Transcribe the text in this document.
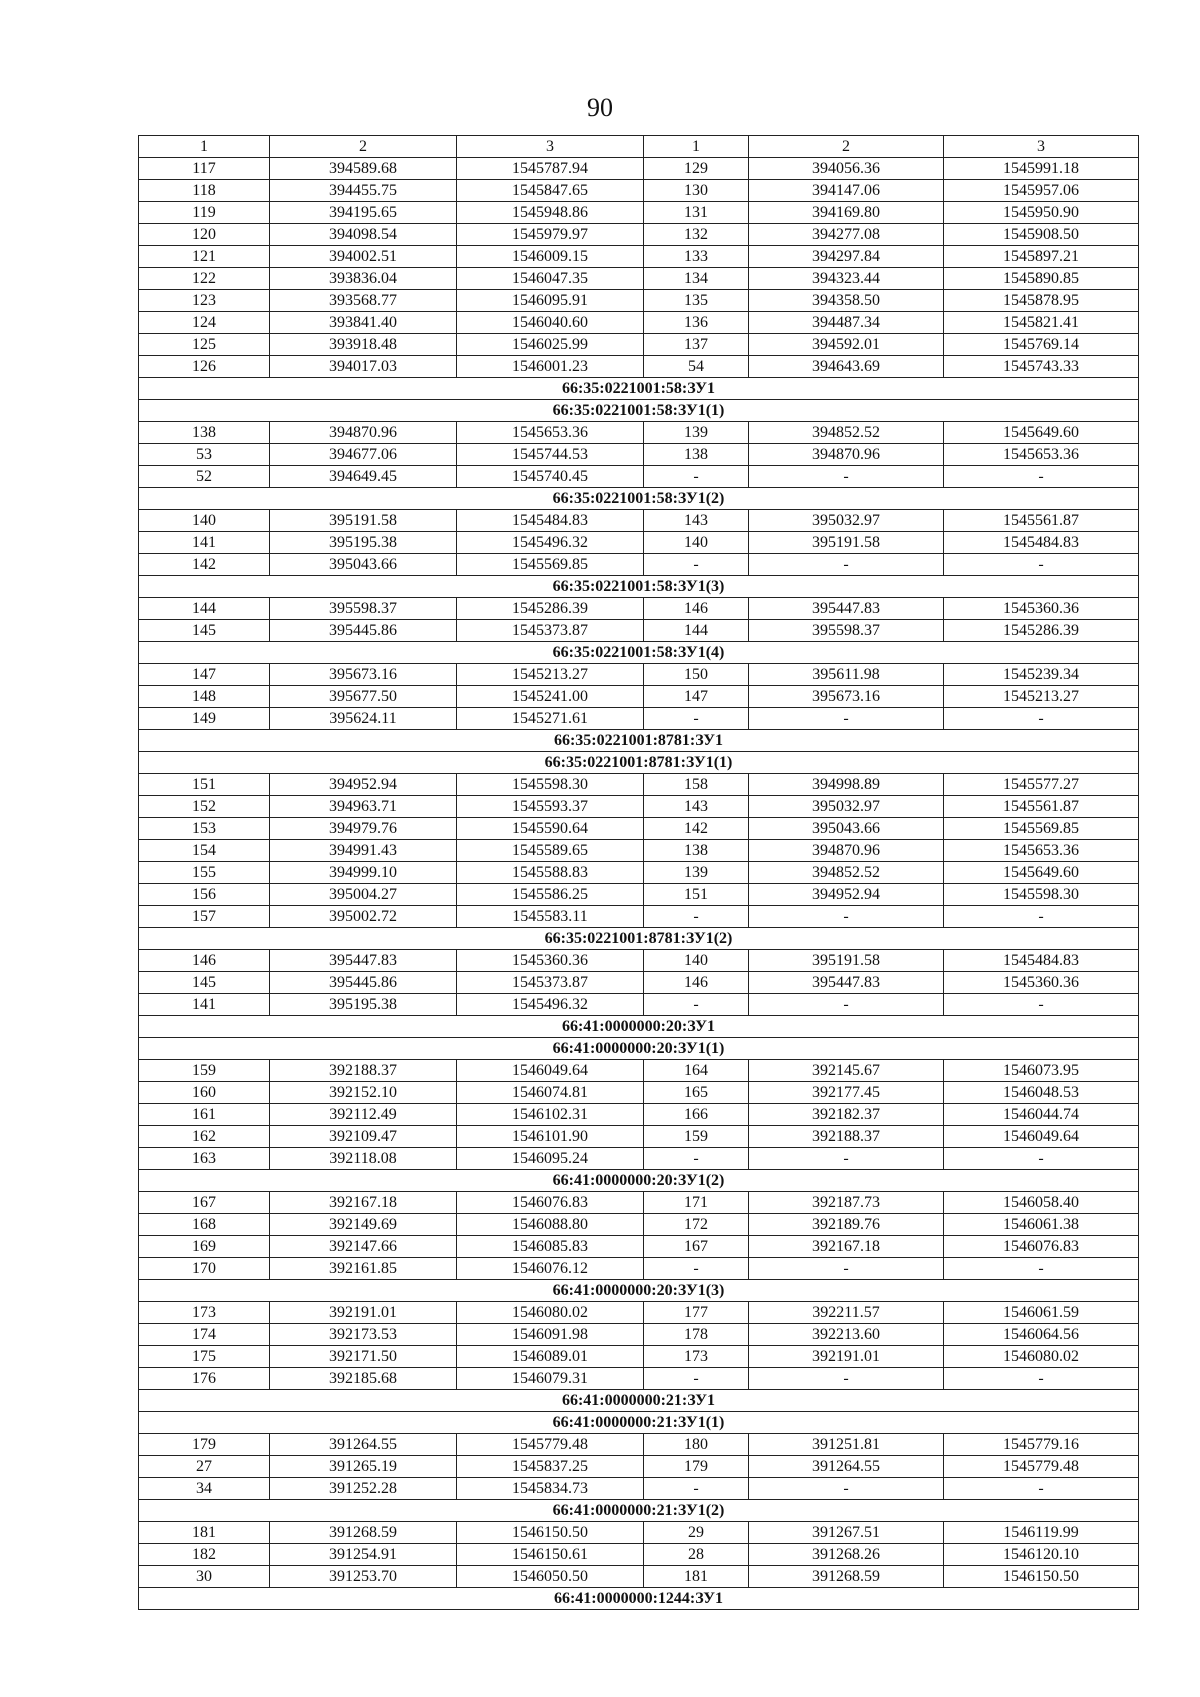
90
1	2	3	1	2	3
117	394589.68	1545787.94	129	394056.36	1545991.18
118	394455.75	1545847.65	130	394147.06	1545957.06
119	394195.65	1545948.86	131	394169.80	1545950.90
120	394098.54	1545979.97	132	394277.08	1545908.50
121	394002.51	1546009.15	133	394297.84	1545897.21
122	393836.04	1546047.35	134	394323.44	1545890.85
123	393568.77	1546095.91	135	394358.50	1545878.95
124	393841.40	1546040.60	136	394487.34	1545821.41
125	393918.48	1546025.99	137	394592.01	1545769.14
126	394017.03	1546001.23	54	394643.69	1545743.33
66:35:0221001:58:ЗУ1					
66:35:0221001:58:ЗУ1(1)					
138	394870.96	1545653.36	139	394852.52	1545649.60
53	394677.06	1545744.53	138	394870.96	1545653.36
52	394649.45	1545740.45	-	-	-
66:35:0221001:58:ЗУ1(2)					
140	395191.58	1545484.83	143	395032.97	1545561.87
141	395195.38	1545496.32	140	395191.58	1545484.83
142	395043.66	1545569.85	-	-	-
66:35:0221001:58:ЗУ1(3)					
144	395598.37	1545286.39	146	395447.83	1545360.36
145	395445.86	1545373.87	144	395598.37	1545286.39
66:35:0221001:58:ЗУ1(4)					
147	395673.16	1545213.27	150	395611.98	1545239.34
148	395677.50	1545241.00	147	395673.16	1545213.27
149	395624.11	1545271.61	-	-	-
66:35:0221001:8781:ЗУ1					
66:35:0221001:8781:ЗУ1(1)					
151	394952.94	1545598.30	158	394998.89	1545577.27
152	394963.71	1545593.37	143	395032.97	1545561.87
153	394979.76	1545590.64	142	395043.66	1545569.85
154	394991.43	1545589.65	138	394870.96	1545653.36
155	394999.10	1545588.83	139	394852.52	1545649.60
156	395004.27	1545586.25	151	394952.94	1545598.30
157	395002.72	1545583.11	-	-	-
66:35:0221001:8781:ЗУ1(2)					
146	395447.83	1545360.36	140	395191.58	1545484.83
145	395445.86	1545373.87	146	395447.83	1545360.36
141	395195.38	1545496.32	-	-	-
66:41:0000000:20:ЗУ1					
66:41:0000000:20:ЗУ1(1)					
159	392188.37	1546049.64	164	392145.67	1546073.95
160	392152.10	1546074.81	165	392177.45	1546048.53
161	392112.49	1546102.31	166	392182.37	1546044.74
162	392109.47	1546101.90	159	392188.37	1546049.64
163	392118.08	1546095.24	-	-	-
66:41:0000000:20:ЗУ1(2)					
167	392167.18	1546076.83	171	392187.73	1546058.40
168	392149.69	1546088.80	172	392189.76	1546061.38
169	392147.66	1546085.83	167	392167.18	1546076.83
170	392161.85	1546076.12	-	-	-
66:41:0000000:20:ЗУ1(3)					
173	392191.01	1546080.02	177	392211.57	1546061.59
174	392173.53	1546091.98	178	392213.60	1546064.56
175	392171.50	1546089.01	173	392191.01	1546080.02
176	392185.68	1546079.31	-	-	-
66:41:0000000:21:ЗУ1					
66:41:0000000:21:ЗУ1(1)					
179	391264.55	1545779.48	180	391251.81	1545779.16
27	391265.19	1545837.25	179	391264.55	1545779.48
34	391252.28	1545834.73	-	-	-
66:41:0000000:21:ЗУ1(2)					
181	391268.59	1546150.50	29	391267.51	1546119.99
182	391254.91	1546150.61	28	391268.26	1546120.10
30	391253.70	1546050.50	181	391268.59	1546150.50
66:41:0000000:1244:ЗУ1					
